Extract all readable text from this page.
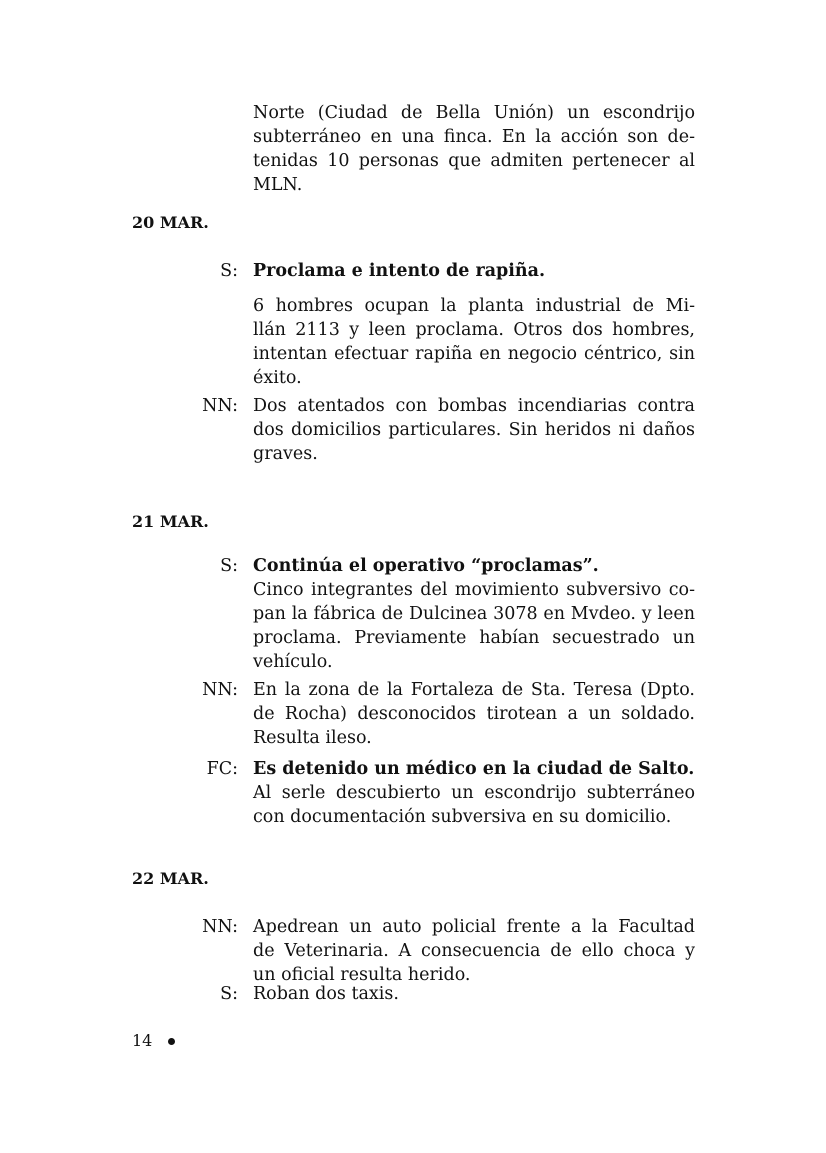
Norte (Ciudad de Bella Unión) un escondrijo
subterráneo en una finca. En la acción son de-
tenidas 10 personas que admiten pertenecer al
MLN.
20 MAR.
S: Proclama e intento de rapiña.
6 hombres ocupan la planta industrial de Mi-
llán 2113 y leen proclama. Otros dos hombres,
intentan efectuar rapiña en negocio céntrico, sin
éxito.
NN: Dos atentados con bombas incendiarias contra
dos domicilios particulares. Sin heridos ni daños
graves.
21 MAR.
S: Continúa el operativo “proclamas”.
Cinco integrantes del movimiento subversivo co-
pan la fábrica de Dulcinea 3078 en Mvdeo. y leen
proclama. Previamente habían secuestrado un
vehículo.
NN: En la zona de la Fortaleza de Sta. Teresa (Dpto.
de Rocha) desconocidos tirotean a un soldado.
Resulta ileso.
FC: Es detenido un médico en la ciudad de Salto.
Al serle descubierto un escondrijo subterráneo
con documentación subversiva en su domicilio.
22 MAR.
NN: Apedrean un auto policial frente a la Facultad
de Veterinaria. A consecuencia de ello choca y
un oficial resulta herido.
S: Roban dos taxis.
14
